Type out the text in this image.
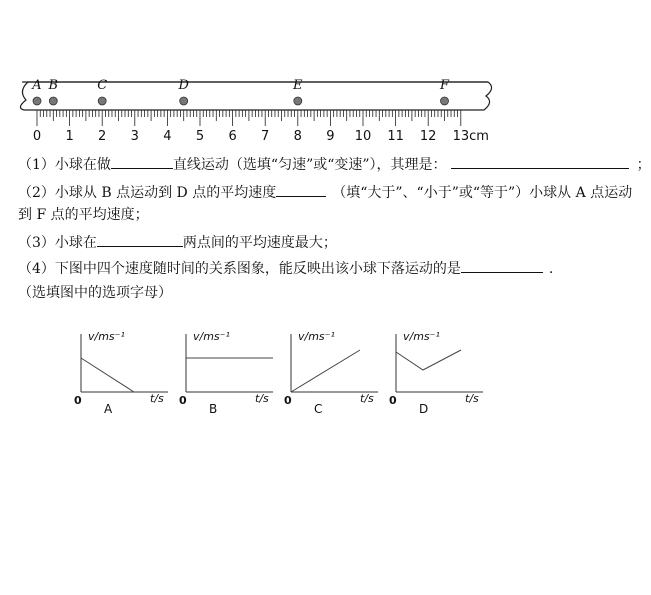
0 1 2 3 4 5 6 7 8 9 10 11 12 13cm
A B	C	D	E	F
（1）小球在做	直线运动（选填“匀速”或“变速”），其理是：	；
（2）小球从 B 点运动到 D 点的平均速度	（填“大于”、“小于”或“等于”）小球从 A 点运动
到 F 点的平均速度；
（3）小球在	两点间的平均速度最大；
（4）下图中四个速度随时间的关系图象，能反映出该小球下落运动的是	.
（选填图中的选项字母）
v/ms⁻¹
t/s
0
A
v/ms⁻¹
t/s
0
B
v/ms⁻¹
t/s
0
C
v/ms⁻¹
t/s
0
D
